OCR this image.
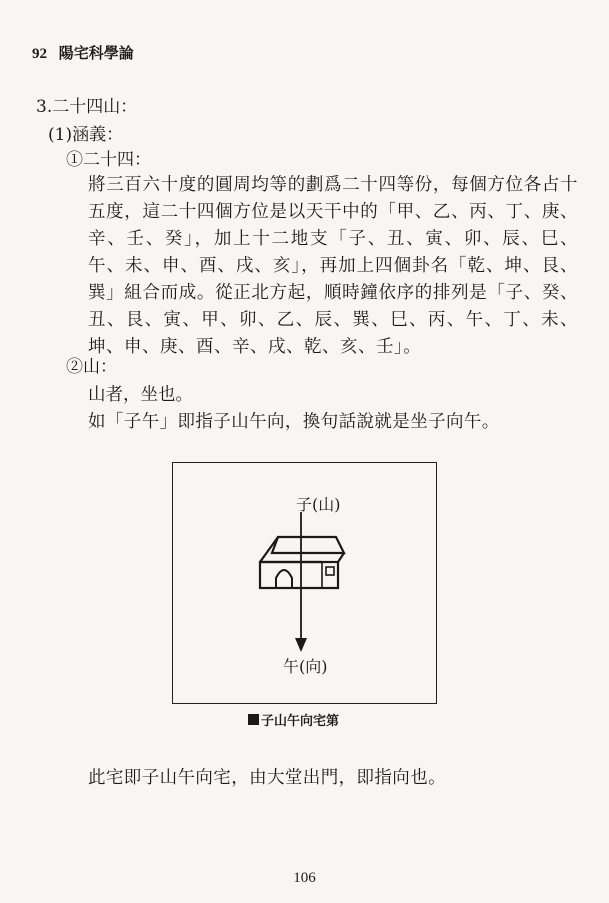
92 陽宅科學論
3.二十四山：
(1)涵義：
①二十四：
將三百六十度的圓周均等的劃爲二十四等份，每個方位各占十五度，這二十四個方位是以天干中的「甲、乙、丙、丁、庚、辛、壬、癸」，加上十二地支「子、丑、寅、卯、辰、巳、午、未、申、酉、戌、亥」，再加上四個卦名「乾、坤、艮、巽」組合而成。從正北方起，順時鐘依序的排列是「子、癸、丑、艮、寅、甲、卯、乙、辰、巽、巳、丙、午、丁、未、坤、申、庚、酉、辛、戌、乾、亥、壬」。
②山：
山者，坐也。
如「子午」即指子山午向，換句話說就是坐子向午。
子(山)
午(向)
子山午向宅第
此宅即子山午向宅，由大堂出門，即指向也。
106
